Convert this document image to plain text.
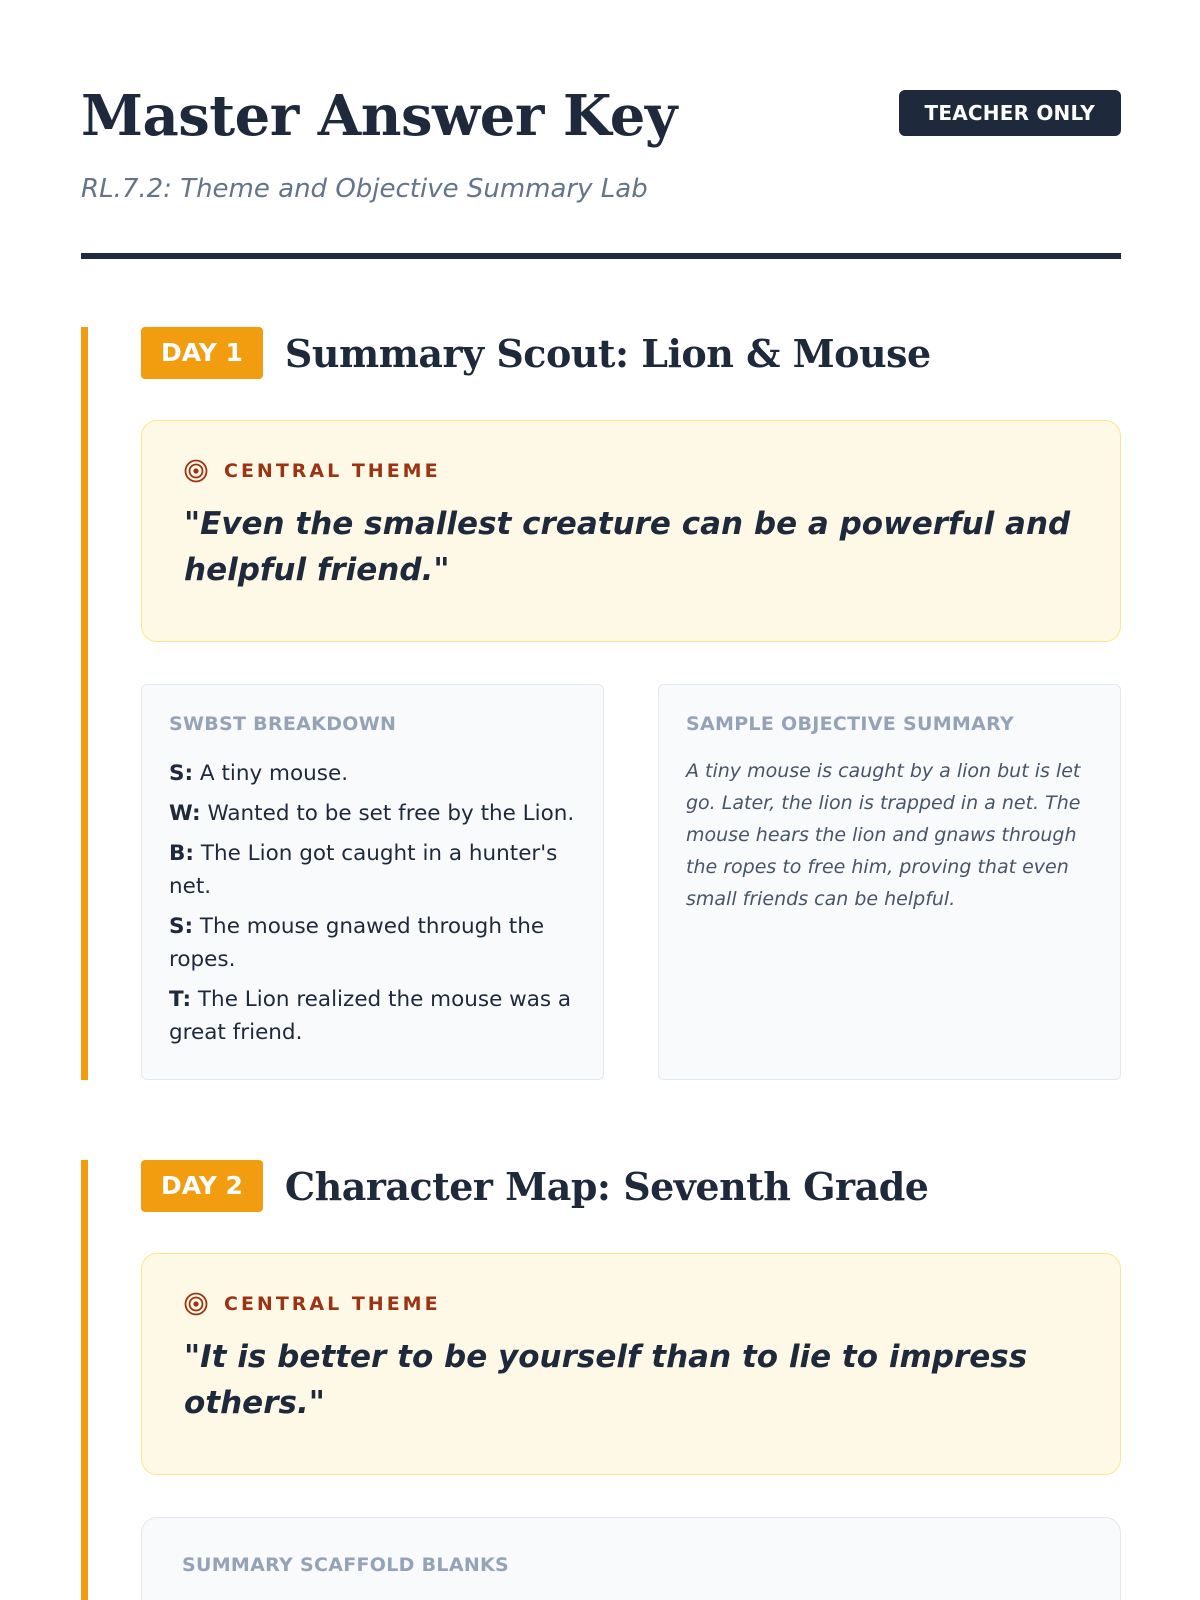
Master Answer Key	TEACHER ONLY
RL.7.2: Theme and Objective Summary Lab
DAY 1	Summary Scout: Lion & Mouse
CENTRAL THEME

"Even the smallest creature can be a powerful and helpful friend."

SWBST BREAKDOWN
S: A tiny mouse.
W: Wanted to be set free by the Lion.
B: The Lion got caught in a hunter's net.
S: The mouse gnawed through the ropes.
T: The Lion realized the mouse was a great friend.
SAMPLE OBJECTIVE SUMMARY

A tiny mouse is caught by a lion but is let go. Later, the lion is trapped in a net. The mouse hears the lion and gnaws through the ropes to free him, proving that even small friends can be helpful.

DAY 2	Character Map: Seventh Grade
CENTRAL THEME

"It is better to be yourself than to lie to impress others."

SUMMARY SCAFFOLD BLANKS
